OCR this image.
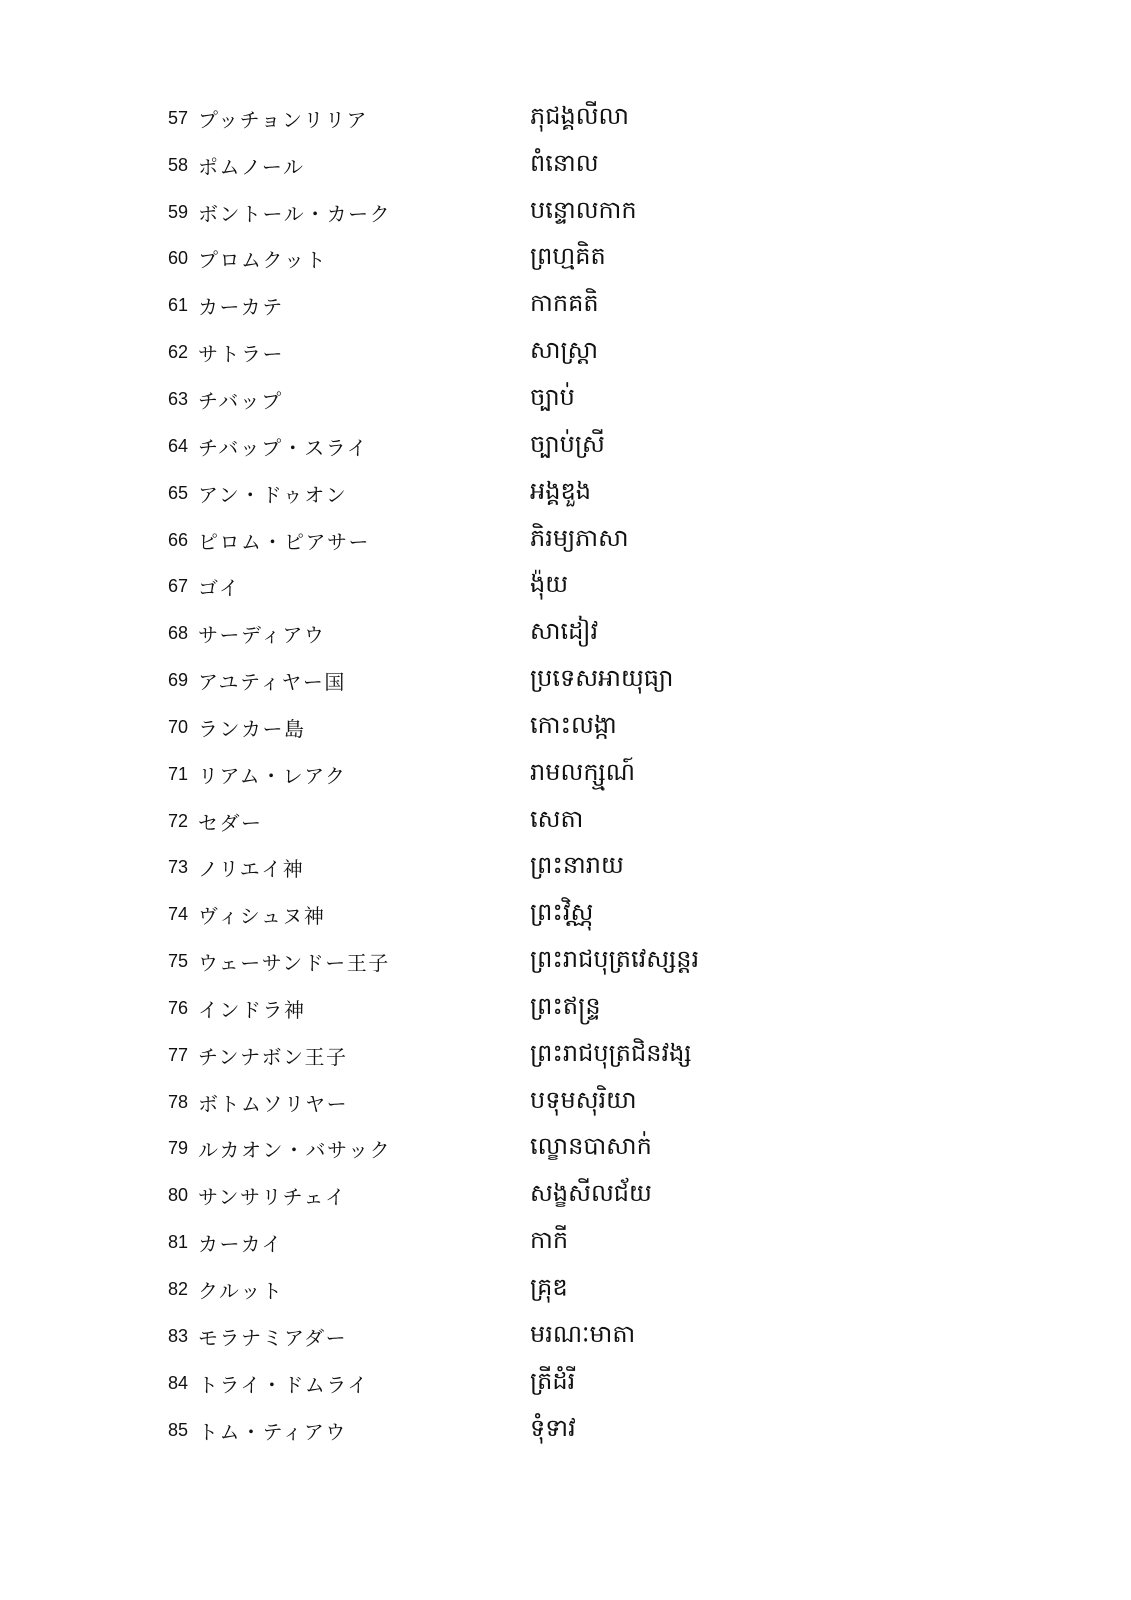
57 プッチョンリリア	ភុជង្គលីលា
58 ポムノール	ពំនោល
59 ボントール・カーク	បន្ទោលកាក
60 プロムクット	ព្រហ្មគិត
61 カーカテ	កាកគតិ
62 サトラー	សាស្ត្រា
63 チバップ	ច្បាប់
64 チバップ・スライ	ច្បាប់ស្រី
65 アン・ドゥオン	អង្គឌួង
66 ピロム・ピアサー	ភិរម្យភាសា
67 ゴイ	ង៉ុយ
68 サーディアウ	សាដៀវ
69 アユティヤー国	ប្រទេសអាយុធ្យា
70 ランカー島	កោះលង្កា
71 リアム・レアク	រាមលក្ស្មណ៍
72 セダー	សេតា
73 ノリエイ神	ព្រះនារាយ
74 ヴィシュヌ神	ព្រះវិស្ណុ
75 ウェーサンドー王子	ព្រះរាជបុត្រវេស្សន្តរ
76 インドラ神	ព្រះឥន្ទ្រ
77 チンナボン王子	ព្រះរាជបុត្រជិនវង្ស
78 ボトムソリヤー	បទុមសុរិយា
79 ルカオン・バサック	ល្ខោនបាសាក់
80 サンサリチェイ	សង្ខសីលជ័យ
81 カーカイ	កាកី
82 クルット	គ្រុឌ
83 モラナミアダー	មរណៈមាតា
84 トライ・ドムライ	ត្រីដំរី
85 トム・ティアウ	ទុំទាវ
